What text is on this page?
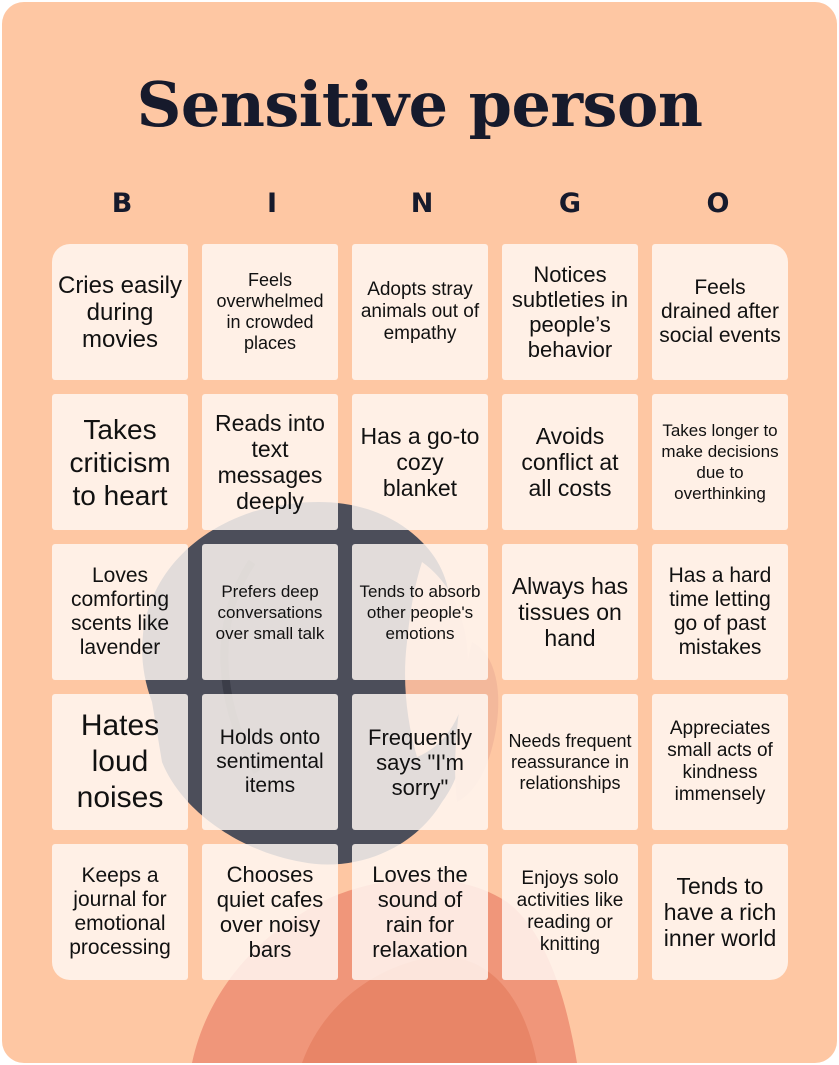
Sensitive person
B	I	N	G	O
Cries easily during movies
Feels overwhelmed in crowded places
Adopts stray animals out of empathy
Notices subtleties in people’s behavior
Feels drained after social events
Takes criticism to heart
Reads into text messages deeply
Has a go-to cozy blanket
Avoids conflict at all costs
Takes longer to make decisions due to overthinking
Loves comforting scents like lavender
Prefers deep conversations over small talk
Tends to absorb other people's emotions
Always has tissues on hand
Has a hard time letting go of past mistakes
Hates loud noises
Holds onto sentimental items
Frequently says "I'm sorry"
Needs frequent reassurance in relationships
Appreciates small acts of kindness immensely
Keeps a journal for emotional processing
Chooses quiet cafes over noisy bars
Loves the sound of rain for relaxation
Enjoys solo activities like reading or knitting
Tends to have a rich inner world
